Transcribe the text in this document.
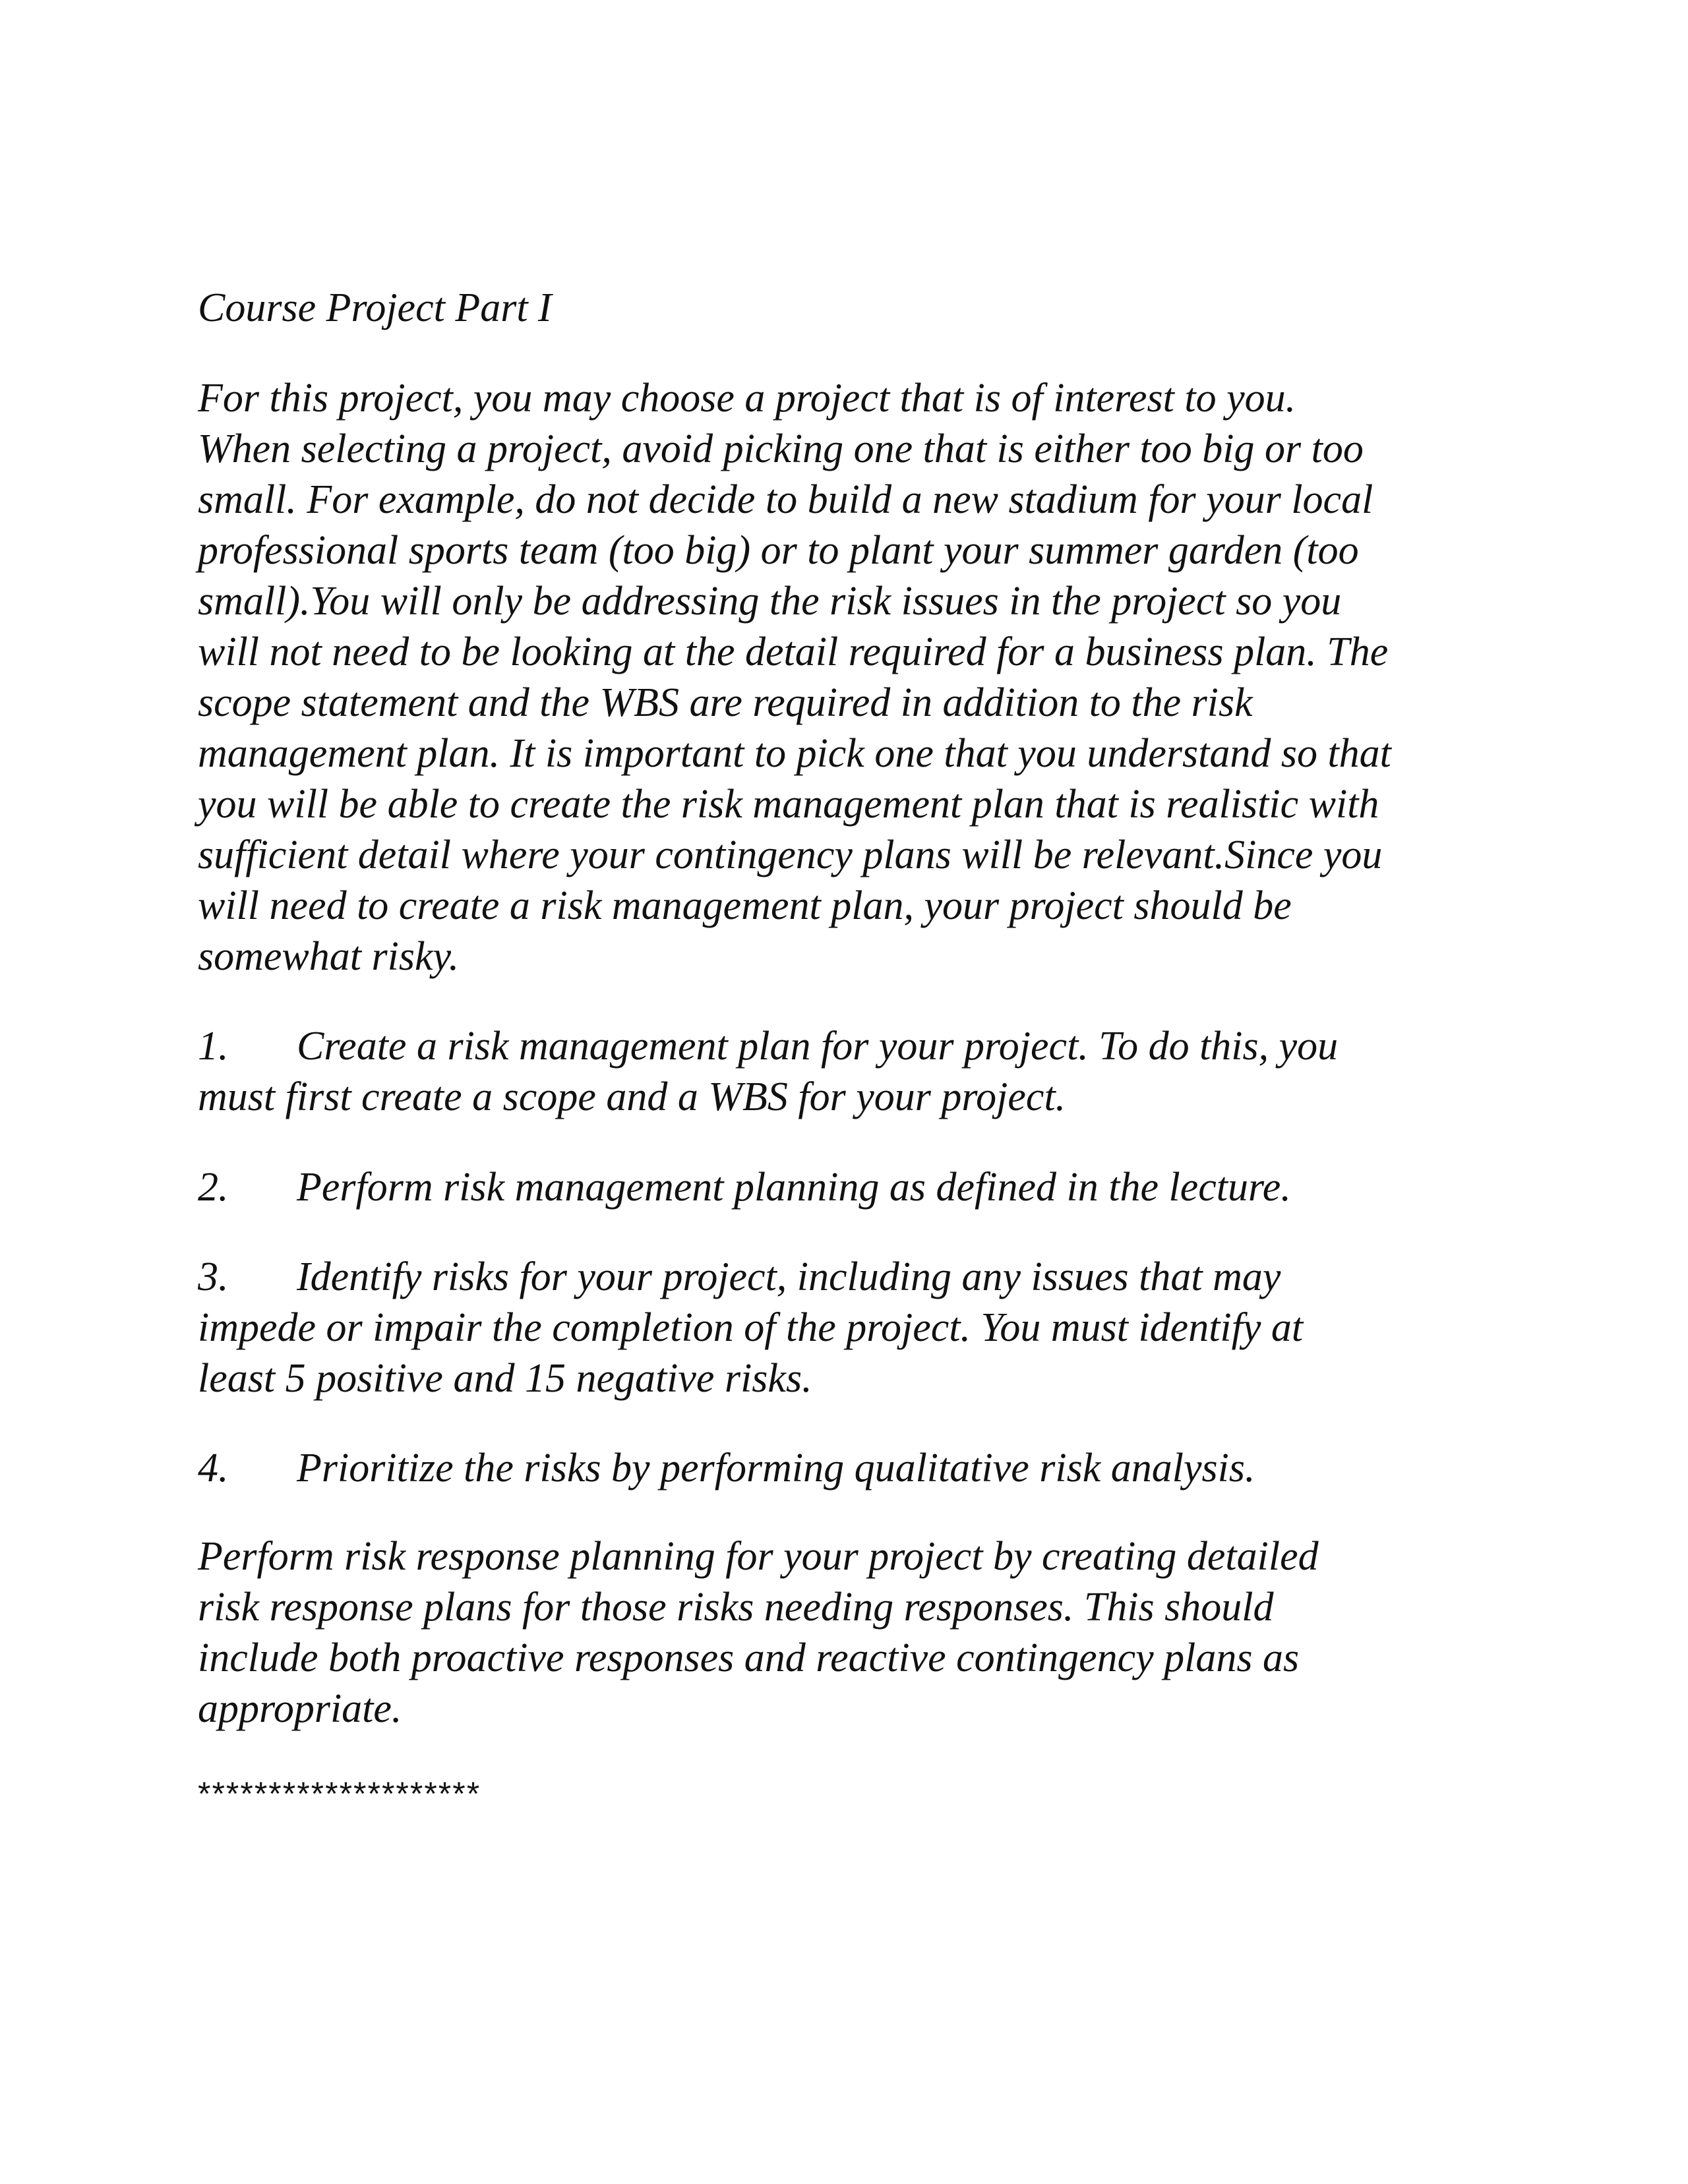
Course Project Part I

For this project, you may choose a project that is of interest to you.

When selecting a project, avoid picking one that is either too big or too

small. For example, do not decide to build a new stadium for your local

professional sports team (too big) or to plant your summer garden (too

small).You will only be addressing the risk issues in the project so you

will not need to be looking at the detail required for a business plan. The

scope statement and the WBS are required in addition to the risk

management plan. It is important to pick one that you understand so that

you will be able to create the risk management plan that is realistic with

sufficient detail where your contingency plans will be relevant.Since you

will need to create a risk management plan, your project should be

somewhat risky.

1. Create a risk management plan for your project. To do this, you

must first create a scope and a WBS for your project.

2. Perform risk management planning as defined in the lecture.

3. Identify risks for your project, including any issues that may

impede or impair the completion of the project. You must identify at

least 5 positive and 15 negative risks.

4. Prioritize the risks by performing qualitative risk analysis.

Perform risk response planning for your project by creating detailed

risk response plans for those risks needing responses. This should

include both proactive responses and reactive contingency plans as

appropriate.

********************
